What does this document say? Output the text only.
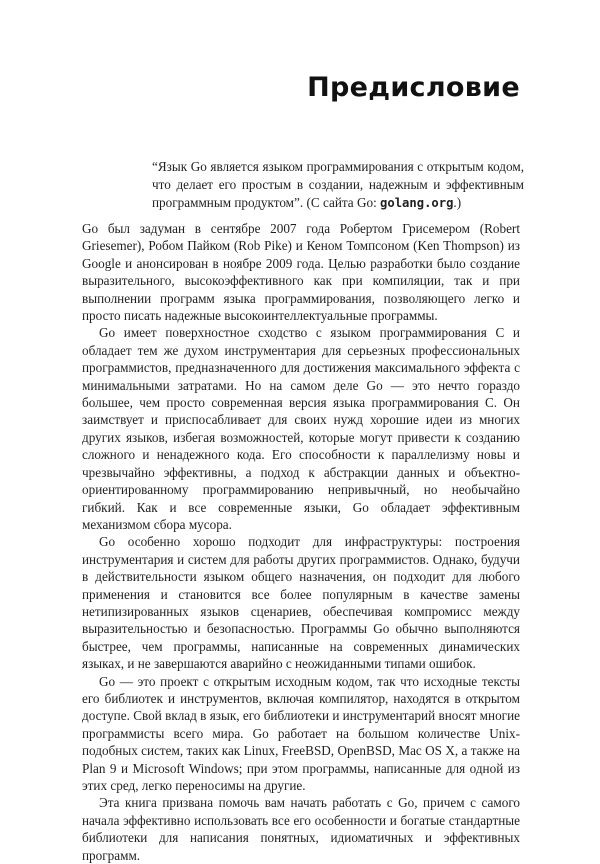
Предисловие

“Язык Go является языком программирования с открытым кодом, что делает его простым в создании, надежным и эффективным программным продуктом”. (С сайта Go: golang.org.)

Go был задуман в сентябре 2007 года Робертом Грисемером (Robert Griesemer), Робом Пайком (Rob Pike) и Кеном Томпсоном (Ken Thompson) из Google и анонсирован в ноябре 2009 года. Целью разработки было создание выразительного, высокоэффективного как при компиляции, так и при выполнении программ языка программирования, позволяющего легко и просто писать надежные высокоинтеллектуальные программы.

Go имеет поверхностное сходство с языком программирования C и обладает тем же духом инструментария для серьезных профессиональных программистов, предназначенного для достижения максимального эффекта с минимальными затратами. Но на самом деле Go — это нечто гораздо большее, чем просто современная версия языка программирования C. Он заимствует и приспосабливает для своих нужд хорошие идеи из многих других языков, избегая возможностей, которые могут привести к созданию сложного и ненадежного кода. Его способности к параллелизму новы и чрезвычайно эффективны, а подход к абстракции данных и объектно-ориентированному программированию непривычный, но необычайно гибкий. Как и все современные языки, Go обладает эффективным механизмом сбора мусора.

Go особенно хорошо подходит для инфраструктуры: построения инструментария и систем для работы других программистов. Однако, будучи в действительности языком общего назначения, он подходит для любого применения и становится все более популярным в качестве замены нетипизированных языков сценариев, обеспечивая компромисс между выразительностью и безопасностью. Программы Go обычно выполняются быстрее, чем программы, написанные на современных динамических языках, и не завершаются аварийно с неожиданными типами ошибок.

Go — это проект с открытым исходным кодом, так что исходные тексты его библиотек и инструментов, включая компилятор, находятся в открытом доступе. Свой вклад в язык, его библиотеки и инструментарий вносят многие программисты всего мира. Go работает на большом количестве Unix-подобных систем, таких как Linux, FreeBSD, OpenBSD, Mac OS X, а также на Plan 9 и Microsoft Windows; при этом программы, написанные для одной из этих сред, легко переносимы на другие.

Эта книга призвана помочь вам начать работать с Go, причем с самого начала эффективно использовать все его особенности и богатые стандартные библиотеки для написания понятных, идиоматичных и эффективных программ.
